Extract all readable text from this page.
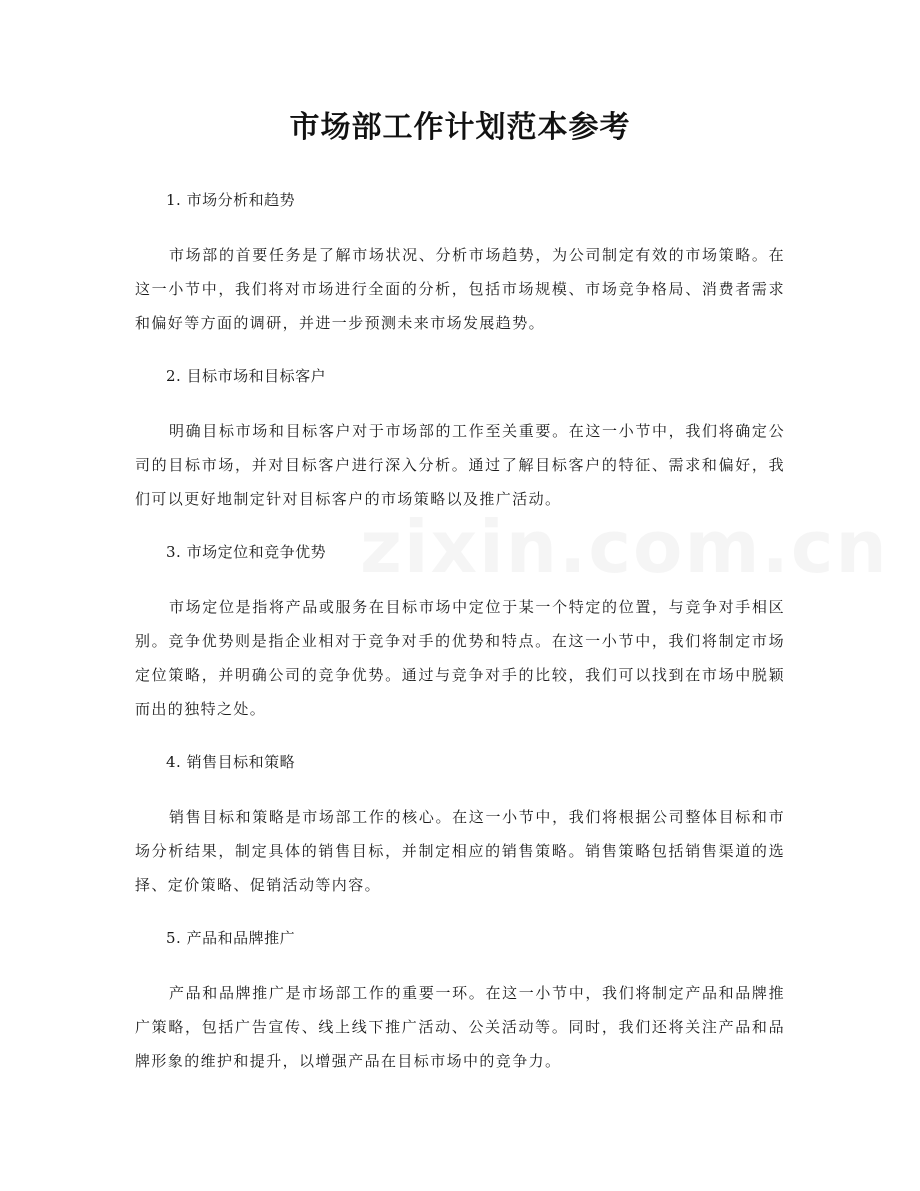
zixin.com.cn
市场部工作计划范本参考

1. 市场分析和趋势

市场部的首要任务是了解市场状况、分析市场趋势，为公司制定有效的市场策略。在这一小节中，我们将对市场进行全面的分析，包括市场规模、市场竞争格局、消费者需求和偏好等方面的调研，并进一步预测未来市场发展趋势。

2. 目标市场和目标客户

明确目标市场和目标客户对于市场部的工作至关重要。在这一小节中，我们将确定公司的目标市场，并对目标客户进行深入分析。通过了解目标客户的特征、需求和偏好，我们可以更好地制定针对目标客户的市场策略以及推广活动。

3. 市场定位和竞争优势

市场定位是指将产品或服务在目标市场中定位于某一个特定的位置，与竞争对手相区别。竞争优势则是指企业相对于竞争对手的优势和特点。在这一小节中，我们将制定市场定位策略，并明确公司的竞争优势。通过与竞争对手的比较，我们可以找到在市场中脱颖而出的独特之处。

4. 销售目标和策略

销售目标和策略是市场部工作的核心。在这一小节中，我们将根据公司整体目标和市场分析结果，制定具体的销售目标，并制定相应的销售策略。销售策略包括销售渠道的选择、定价策略、促销活动等内容。

5. 产品和品牌推广

产品和品牌推广是市场部工作的重要一环。在这一小节中，我们将制定产品和品牌推广策略，包括广告宣传、线上线下推广活动、公关活动等。同时，我们还将关注产品和品牌形象的维护和提升，以增强产品在目标市场中的竞争力。
